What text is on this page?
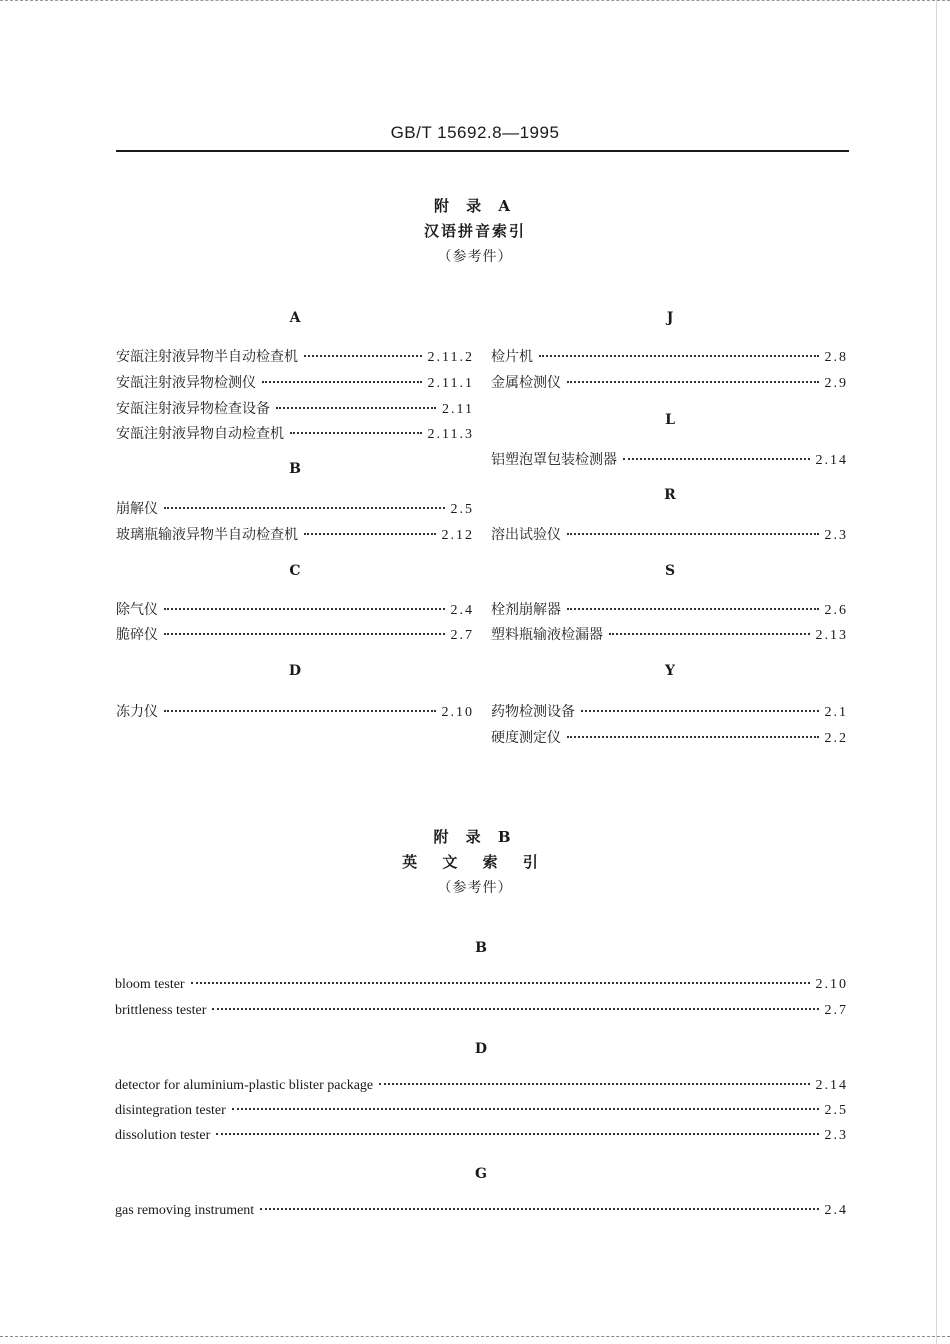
GB/T 15692.8—1995
附 录 A
汉语拼音索引
（参考件）
A
安瓿注射液异物半自动检查机	2.11.2
安瓿注射液异物检测仪	2.11.1
安瓿注射液异物检查设备	2.11
安瓿注射液异物自动检查机	2.11.3
B
崩解仪	2.5
玻璃瓶输液异物半自动检查机	2.12
C
除气仪	2.4
脆碎仪	2.7
D
冻力仪	2.10
J
检片机	2.8
金属检测仪	2.9
L
铝塑泡罩包装检测器	2.14
R
溶出试验仪	2.3
S
栓剂崩解器	2.6
塑料瓶输液检漏器	2.13
Y
药物检测设备	2.1
硬度测定仪	2.2
附 录 B
英 文 索 引
（参考件）
B
bloom tester	2.10
brittleness tester	2.7
D
detector for aluminium-plastic blister package	2.14
disintegration tester	2.5
dissolution tester	2.3
G
gas removing instrument	2.4
